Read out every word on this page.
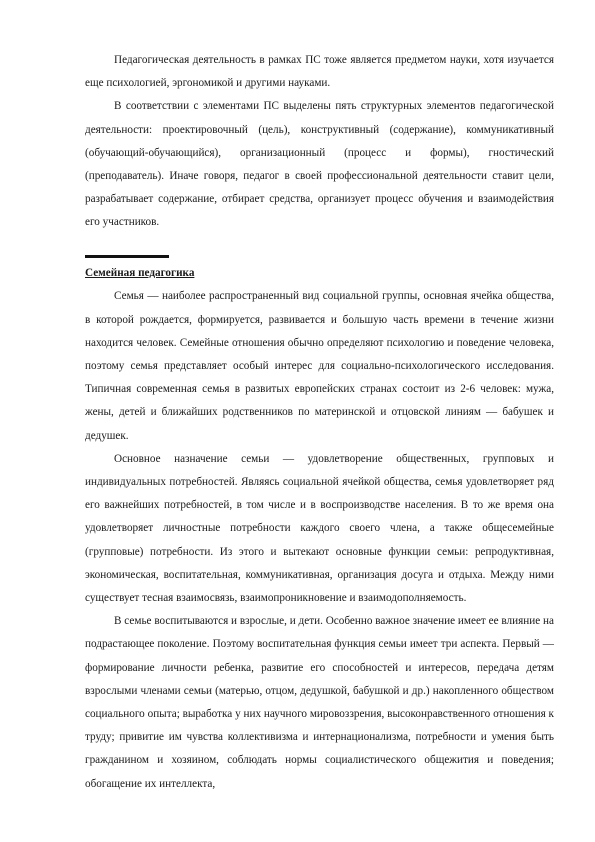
Педагогическая деятельность в рамках ПС тоже является предметом науки, хотя изучается еще психологией, эргономикой и другими науками.

В соответствии с элементами ПС выделены пять структурных элементов педагогической деятельности: проектировочный (цель), конструктивный (содержание), коммуникативный (обучающий-обучающийся), организационный (процесс и формы), гностический (преподаватель). Иначе говоря, педагог в своей профессиональной деятельности ставит цели, разрабатывает содержание, отбирает средства, организует процесс обучения и взаимодействия его участников.

Семейная педагогика

Семья — наиболее распространенный вид социальной группы, основная ячейка общества, в которой рождается, формируется, развивается и большую часть времени в течение жизни находится человек. Семейные отношения обычно определяют психологию и поведение человека, поэтому семья представляет особый интерес для социально-психологического исследования. Типичная современная семья в развитых европейских странах состоит из 2-6 человек: мужа, жены, детей и ближайших родственников по материнской и отцовской линиям — бабушек и дедушек.

Основное назначение семьи — удовлетворение общественных, групповых и индивидуальных потребностей. Являясь социальной ячейкой общества, семья удовлетворяет ряд его важнейших потребностей, в том числе и в воспроизводстве населения. В то же время она удовлетворяет личностные потребности каждого своего члена, а также общесемейные (групповые) потребности. Из этого и вытекают основные функции семьи: репродуктивная, экономическая, воспитательная, коммуникативная, организация досуга и отдыха. Между ними существует тесная взаимосвязь, взаимопроникновение и взаимодополняемость.

В семье воспитываются и взрослые, и дети. Особенно важное значение имеет ее влияние на подрастающее поколение. Поэтому воспитательная функция семьи имеет три аспекта. Первый — формирование личности ребенка, развитие его способностей и интересов, передача детям взрослыми членами семьи (матерью, отцом, дедушкой, бабушкой и др.) накопленного обществом социального опыта; выработка у них научного мировоззрения, высоконравственного отношения к труду; привитие им чувства коллективизма и интернационализма, потребности и умения быть гражданином и хозяином, соблюдать нормы социалистического общежития и поведения; обогащение их интеллекта,
